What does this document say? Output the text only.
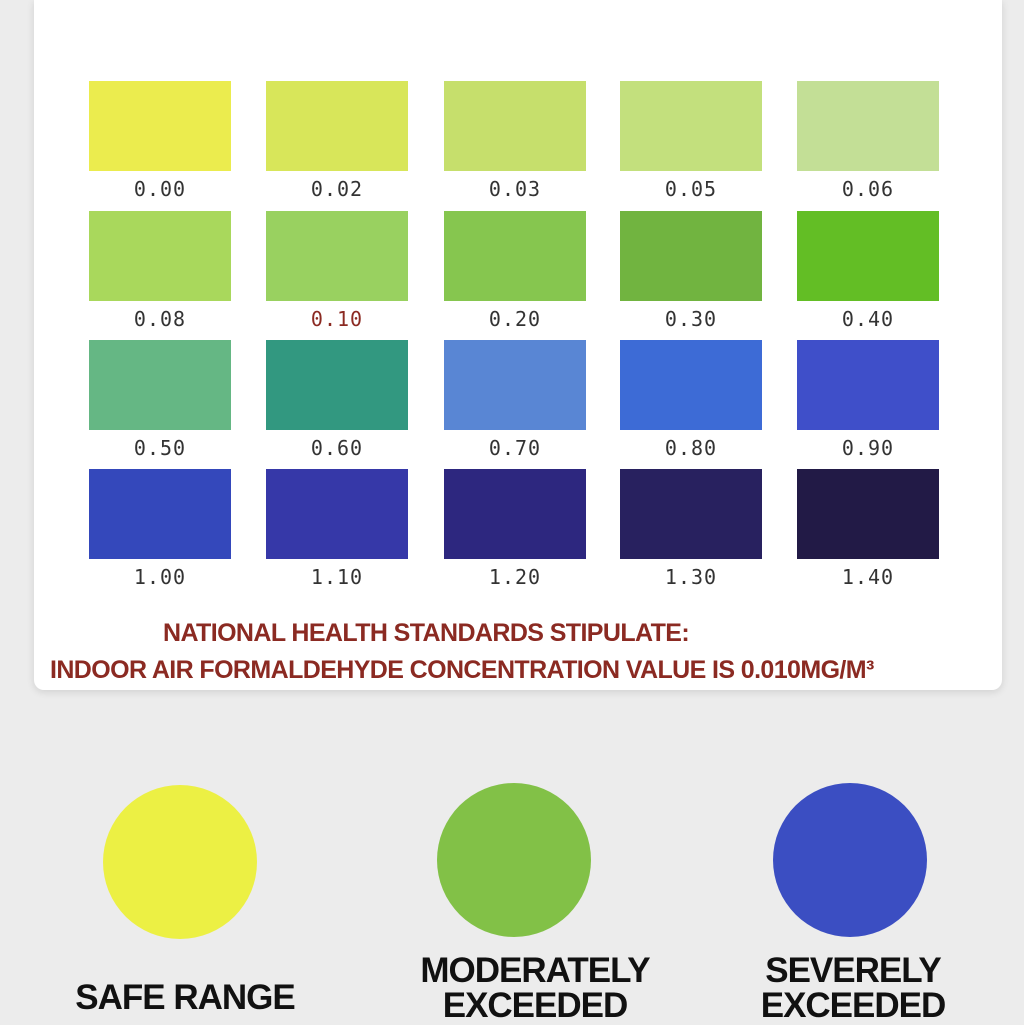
0.00	0.02	0.03	0.05	0.06
0.08	0.10	0.20	0.30	0.40
0.50	0.60	0.70	0.80	0.90
1.00	1.10	1.20	1.30	1.40
NATIONAL HEALTH STANDARDS STIPULATE:
INDOOR AIR FORMALDEHYDE CONCENTRATION VALUE IS 0.010MG/M³
SAFE RANGE
MODERATELY
EXCEEDED
SEVERELY
EXCEEDED
